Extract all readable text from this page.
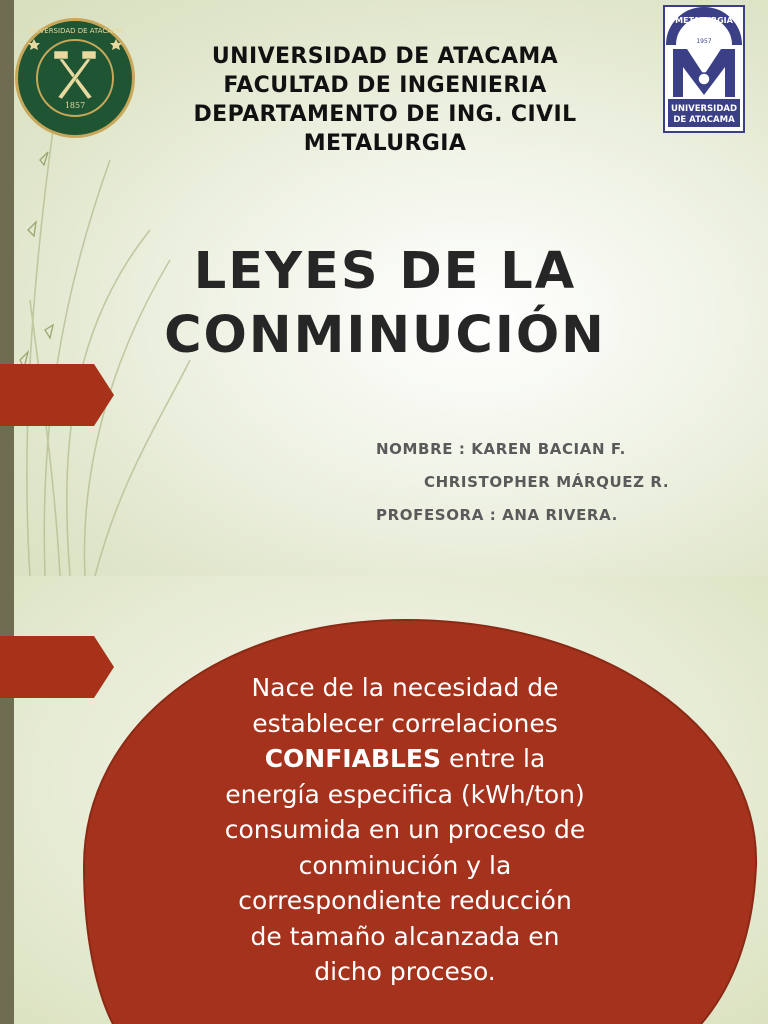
UNIVERSIDAD DE ATACAMA
1857
METALURGIA
1957
UNIVERSIDAD
DE ATACAMA
UNIVERSIDAD DE ATACAMA
FACULTAD DE INGENIERIA
DEPARTAMENTO DE ING. CIVIL
METALURGIA
LEYES DE LA
CONMINUCIÓN
NOMBRE : KAREN BACIAN F.
CHRISTOPHER MÁRQUEZ R.
PROFESORA : ANA RIVERA.
Nace de la necesidad de
establecer correlaciones
CONFIABLES entre la
energía especifica (kWh/ton)
consumida en un proceso de
conminución y la
correspondiente reducción
de tamaño alcanzada en
dicho proceso.
